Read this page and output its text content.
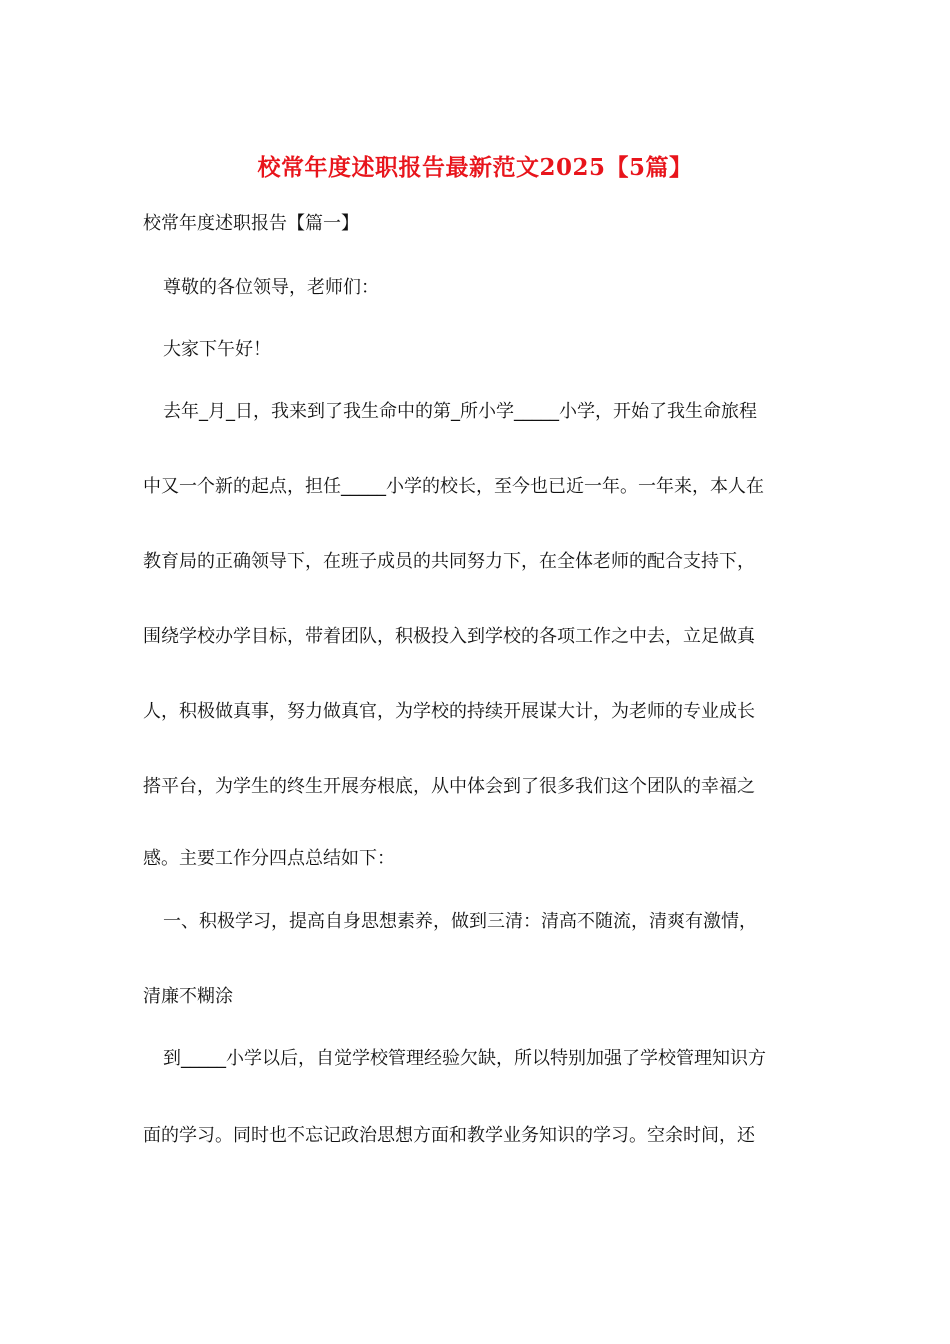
校常年度述职报告最新范文2025【5篇】
校常年度述职报告【篇一】
尊敬的各位领导，老师们：
大家下午好！
去年_月_日，我来到了我生命中的第_所小学_____小学，开始了我生命旅程
中又一个新的起点，担任_____小学的校长，至今也已近一年。一年来，本人在
教育局的正确领导下，在班子成员的共同努力下，在全体老师的配合支持下，
围绕学校办学目标，带着团队，积极投入到学校的各项工作之中去，立足做真
人，积极做真事，努力做真官，为学校的持续开展谋大计，为老师的专业成长
搭平台，为学生的终生开展夯根底，从中体会到了很多我们这个团队的幸福之
感。主要工作分四点总结如下：
一、积极学习，提高自身思想素养，做到三清：清高不随流，清爽有激情，
清廉不糊涂
到_____小学以后，自觉学校管理经验欠缺，所以特别加强了学校管理知识方
面的学习。同时也不忘记政治思想方面和教学业务知识的学习。空余时间，还
